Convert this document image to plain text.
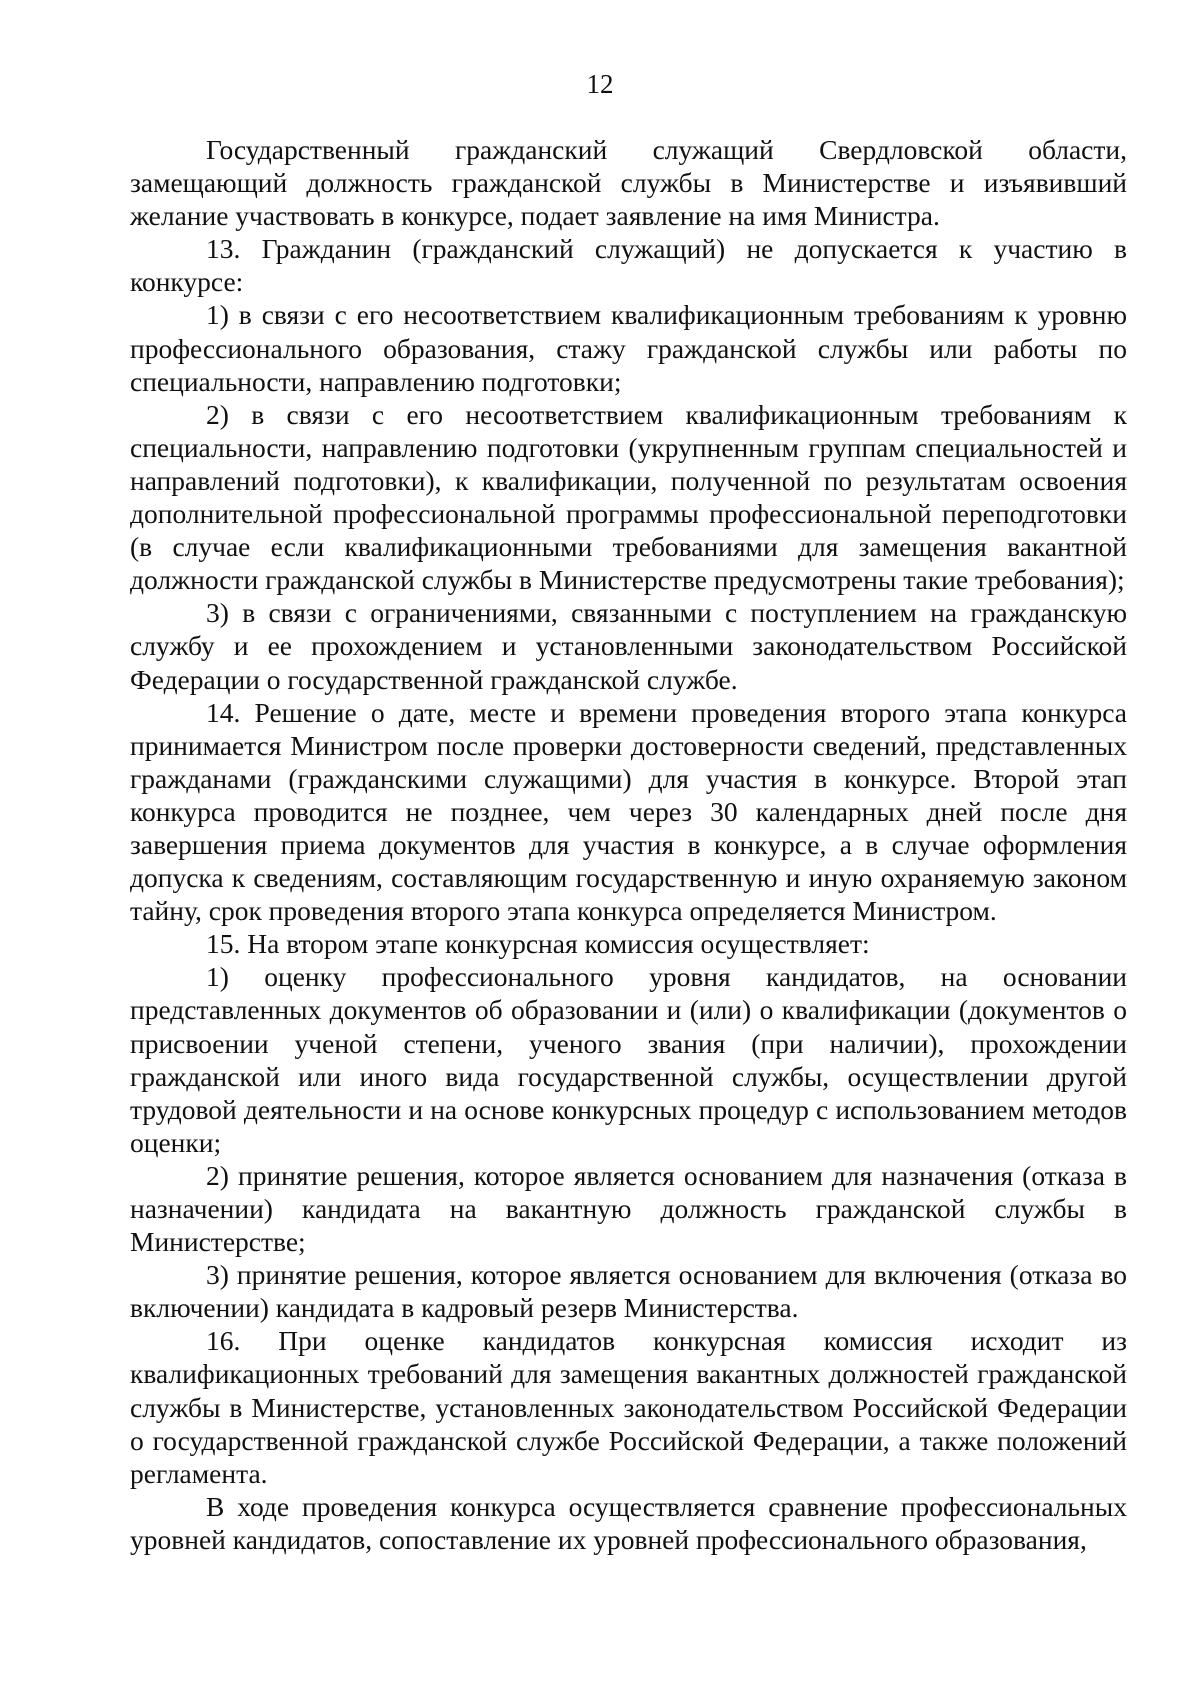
12

Государственный гражданский служащий Свердловской области, замещающий должность гражданской службы в Министерстве и изъявивший желание участвовать в конкурсе, подает заявление на имя Министра.

13. Гражданин (гражданский служащий) не допускается к участию в конкурсе:

1) в связи с его несоответствием квалификационным требованиям к уровню профессионального образования, стажу гражданской службы или работы по специальности, направлению подготовки;

2) в связи с его несоответствием квалификационным требованиям к специальности, направлению подготовки (укрупненным группам специальностей и направлений подготовки), к квалификации, полученной по результатам освоения дополнительной профессиональной программы профессиональной переподготовки (в случае если квалификационными требованиями для замещения вакантной должности гражданской службы в Министерстве предусмотрены такие требования);

3) в связи с ограничениями, связанными с поступлением на гражданскую службу и ее прохождением и установленными законодательством Российской Федерации о государственной гражданской службе.

14. Решение о дате, месте и времени проведения второго этапа конкурса принимается Министром после проверки достоверности сведений, представленных гражданами (гражданскими служащими) для участия в конкурсе. Второй этап конкурса проводится не позднее, чем через 30 календарных дней после дня завершения приема документов для участия в конкурсе, а в случае оформления допуска к сведениям, составляющим государственную и иную охраняемую законом тайну, срок проведения второго этапа конкурса определяется Министром.

15. На втором этапе конкурсная комиссия осуществляет:

1) оценку профессионального уровня кандидатов, на основании представленных документов об образовании и (или) о квалификации (документов о присвоении ученой степени, ученого звания (при наличии), прохождении гражданской или иного вида государственной службы, осуществлении другой трудовой деятельности и на основе конкурсных процедур с использованием методов оценки;

2) принятие решения, которое является основанием для назначения (отказа в назначении) кандидата на вакантную должность гражданской службы в Министерстве;

3) принятие решения, которое является основанием для включения (отказа во включении) кандидата в кадровый резерв Министерства.

16. При оценке кандидатов конкурсная комиссия исходит из квалификационных требований для замещения вакантных должностей гражданской службы в Министерстве, установленных законодательством Российской Федерации о государственной гражданской службе Российской Федерации, а также положений регламента.

В ходе проведения конкурса осуществляется сравнение профессиональных уровней кандидатов, сопоставление их уровней профессионального образования,
